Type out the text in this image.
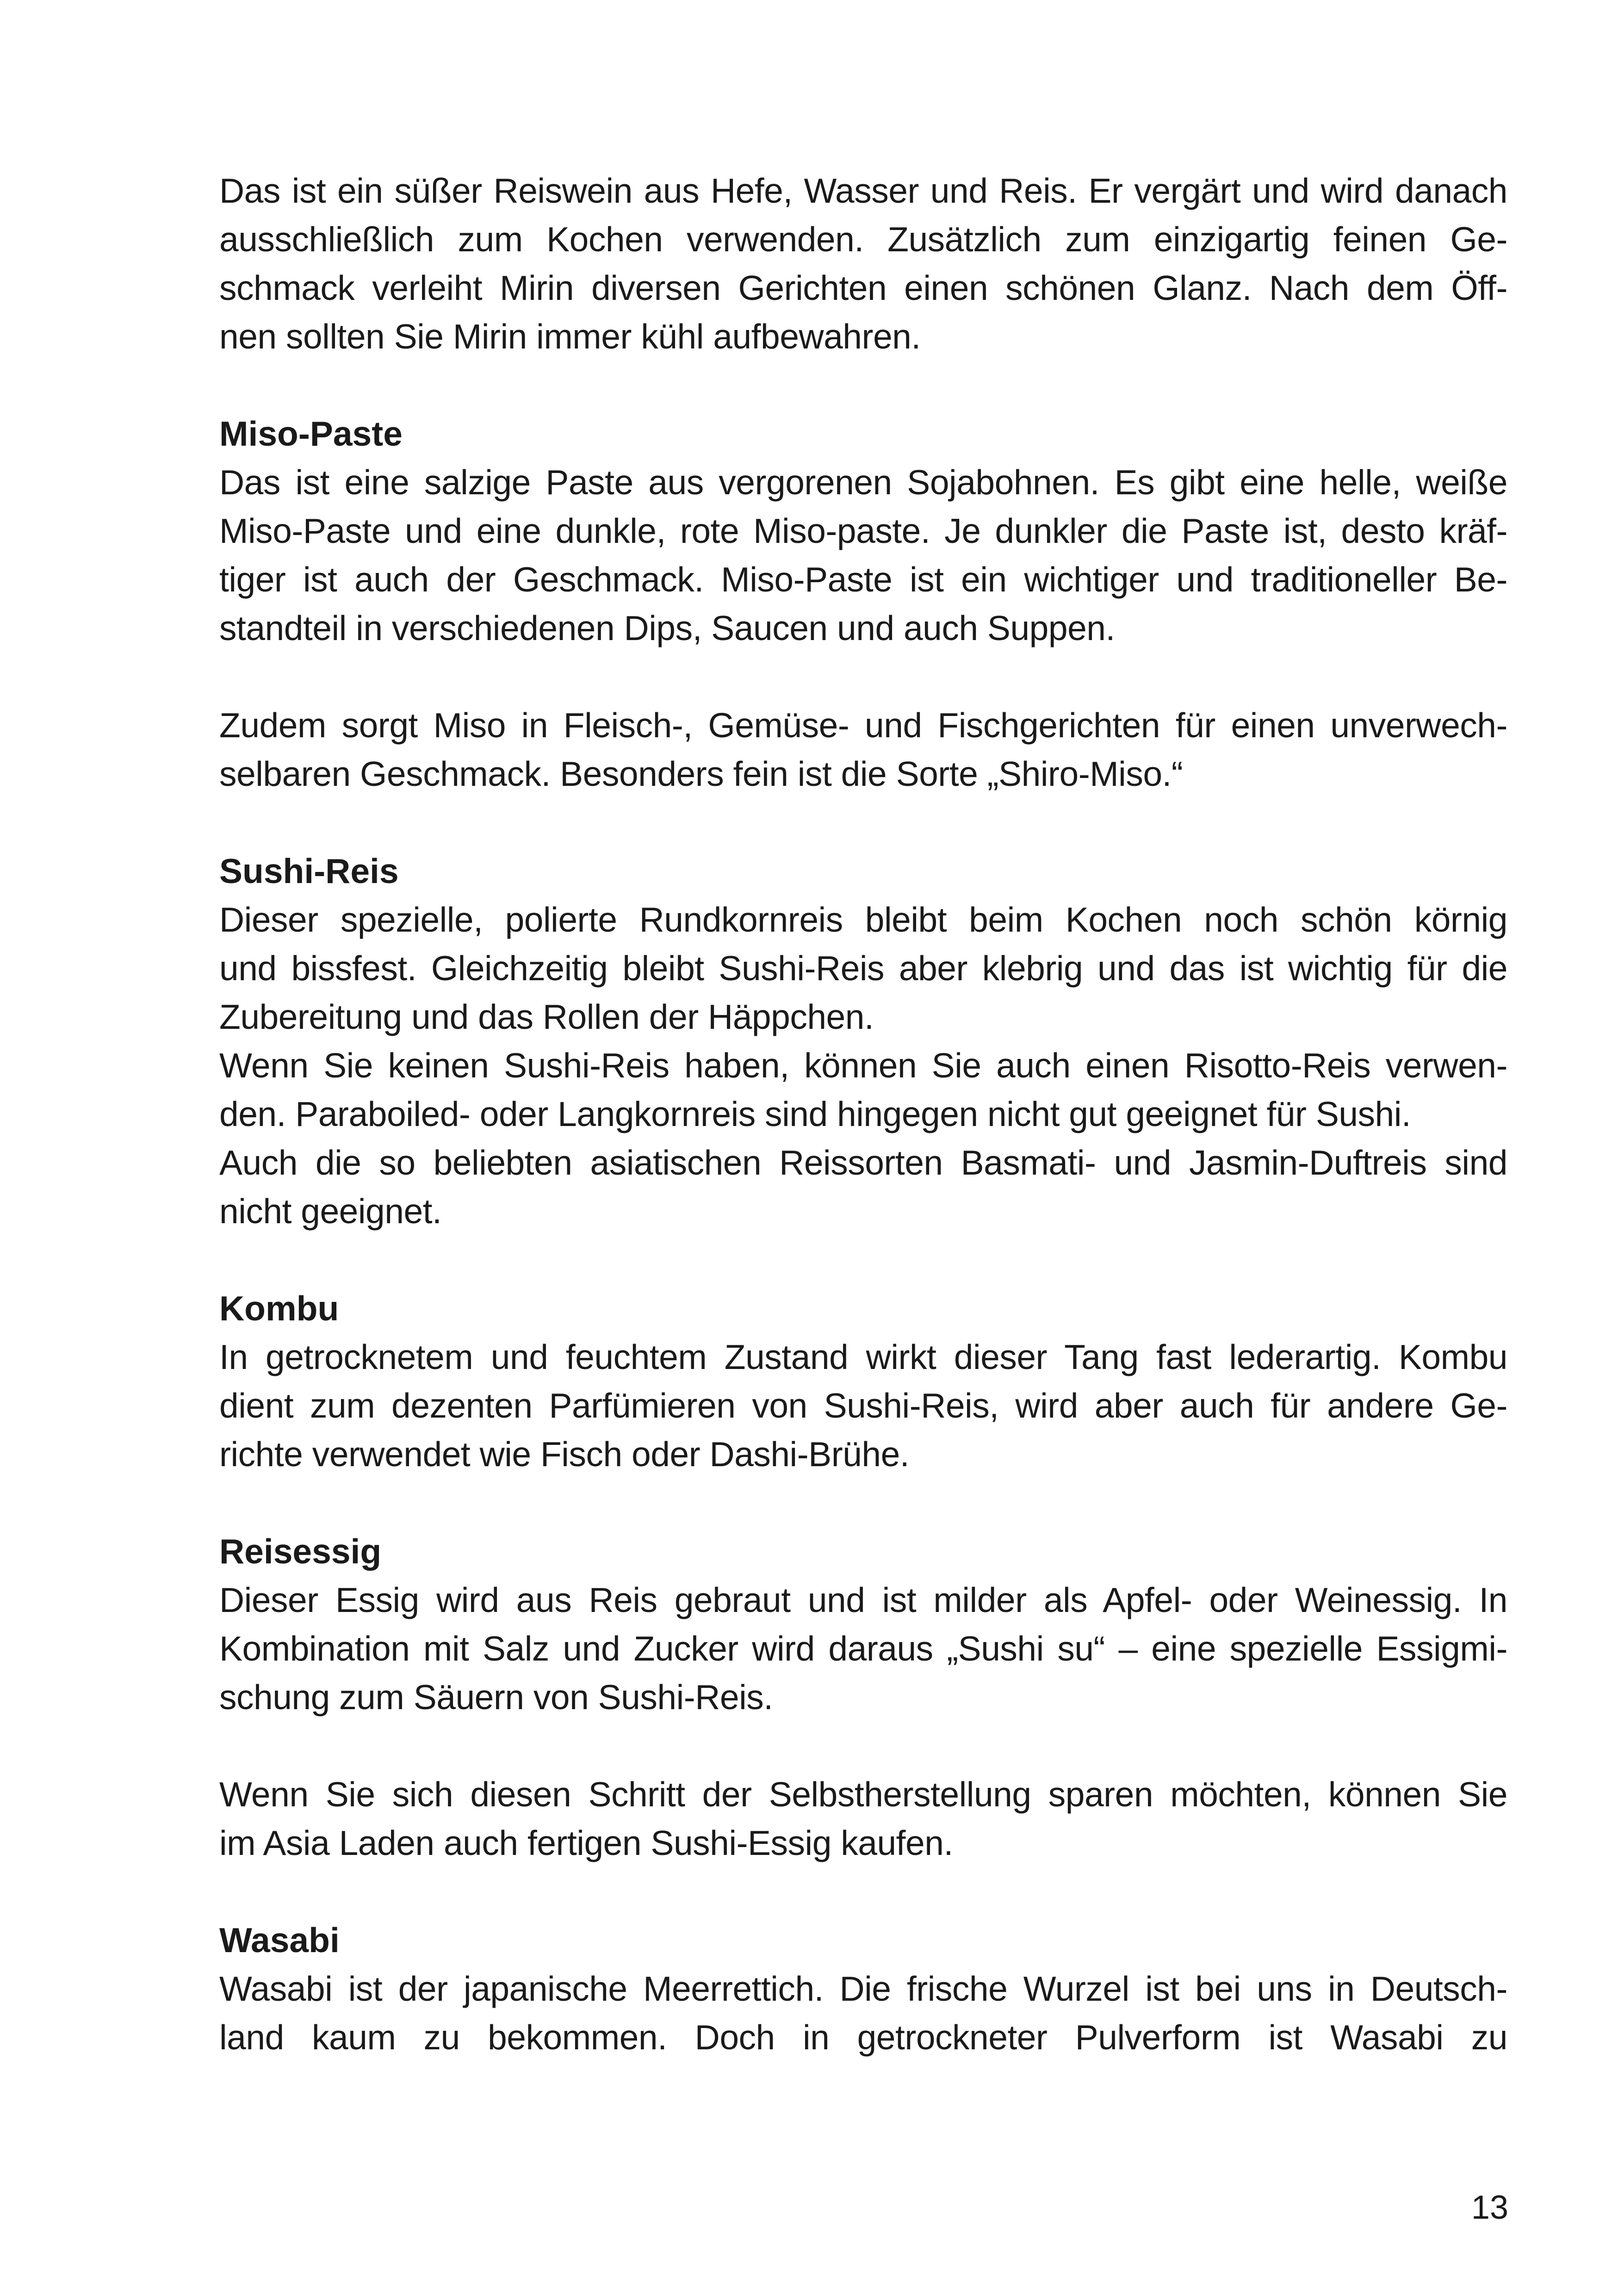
Das ist ein süßer Reiswein aus Hefe, Wasser und Reis. Er vergärt und wird danach
ausschließlich zum Kochen verwenden. Zusätzlich zum einzigartig feinen Ge-
schmack verleiht Mirin diversen Gerichten einen schönen Glanz. Nach dem Öff-
nen sollten Sie Mirin immer kühl aufbewahren.
Miso-Paste
Das ist eine salzige Paste aus vergorenen Sojabohnen. Es gibt eine helle, weiße
Miso-Paste und eine dunkle, rote Miso-paste. Je dunkler die Paste ist, desto kräf-
tiger ist auch der Geschmack. Miso-Paste ist ein wichtiger und traditioneller Be-
standteil in verschiedenen Dips, Saucen und auch Suppen.
Zudem sorgt Miso in Fleisch-, Gemüse- und Fischgerichten für einen unverwech-
selbaren Geschmack. Besonders fein ist die Sorte „Shiro-Miso.“
Sushi-Reis
Dieser spezielle, polierte Rundkornreis bleibt beim Kochen noch schön körnig
und bissfest. Gleichzeitig bleibt Sushi-Reis aber klebrig und das ist wichtig für die
Zubereitung und das Rollen der Häppchen.
Wenn Sie keinen Sushi-Reis haben, können Sie auch einen Risotto-Reis verwen-
den. Paraboiled- oder Langkornreis sind hingegen nicht gut geeignet für Sushi.
Auch die so beliebten asiatischen Reissorten Basmati- und Jasmin-Duftreis sind
nicht geeignet.
Kombu
In getrocknetem und feuchtem Zustand wirkt dieser Tang fast lederartig. Kombu
dient zum dezenten Parfümieren von Sushi-Reis, wird aber auch für andere Ge-
richte verwendet wie Fisch oder Dashi-Brühe.
Reisessig
Dieser Essig wird aus Reis gebraut und ist milder als Apfel- oder Weinessig. In
Kombination mit Salz und Zucker wird daraus „Sushi su“ – eine spezielle Essigmi-
schung zum Säuern von Sushi-Reis.
Wenn Sie sich diesen Schritt der Selbstherstellung sparen möchten, können Sie
im Asia Laden auch fertigen Sushi-Essig kaufen.
Wasabi
Wasabi ist der japanische Meerrettich. Die frische Wurzel ist bei uns in Deutsch-
land kaum zu bekommen. Doch in getrockneter Pulverform ist Wasabi zu
13
